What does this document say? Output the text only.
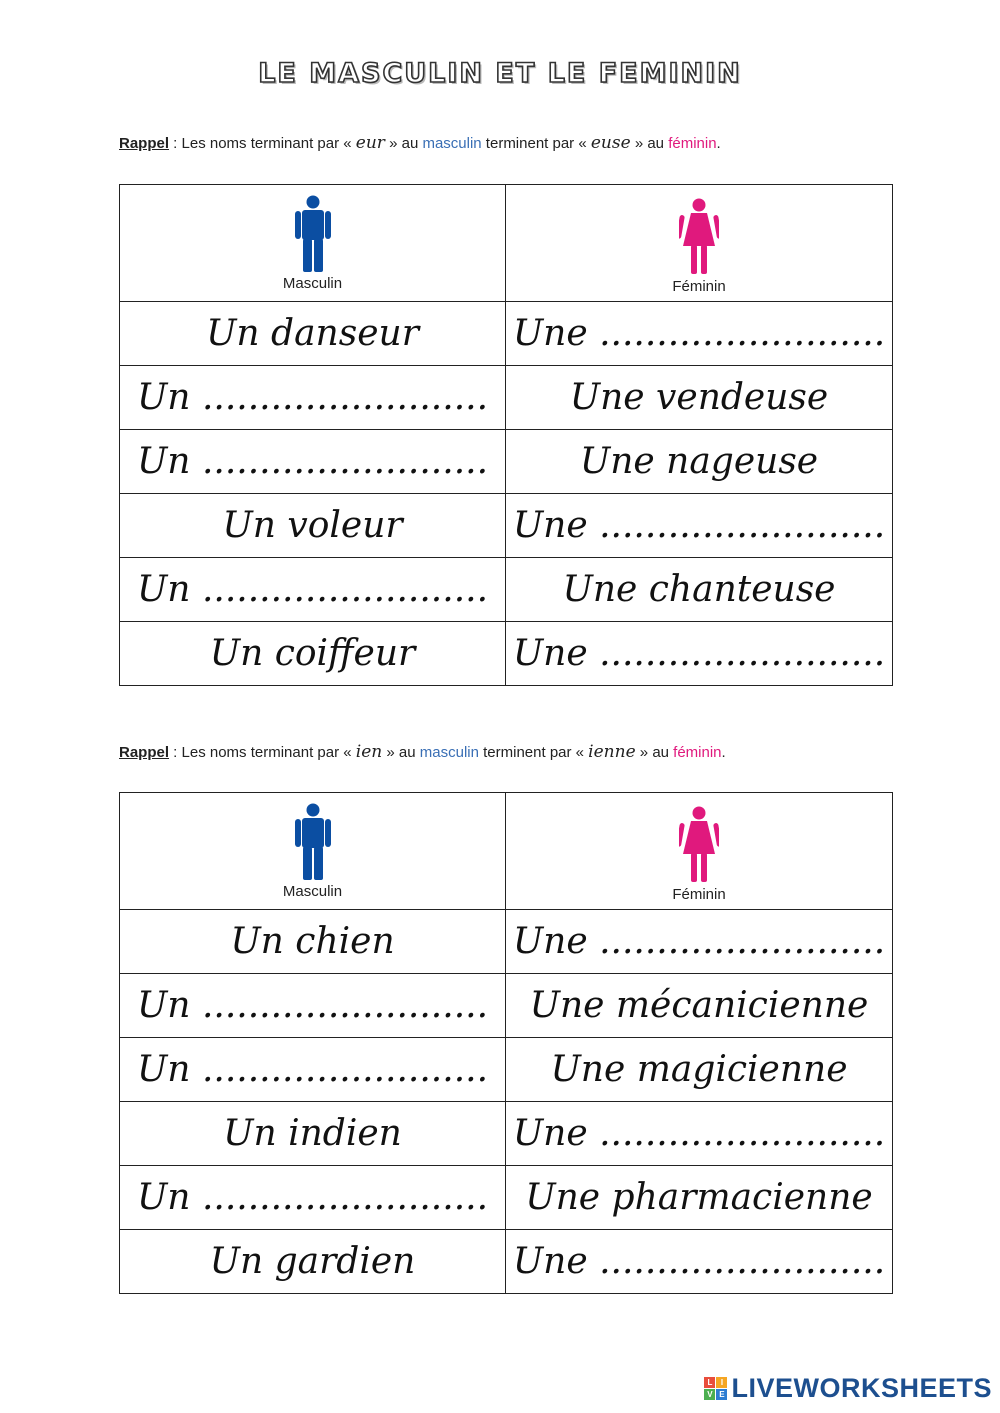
LE MASCULIN ET LE FEMININ
Rappel : Les noms terminant par « eur » au masculin terminent par « euse » au féminin.
Masculin	Féminin

Un danseur	Une .........................
Un .........................	Une vendeuse
Un .........................	Une nageuse
Un voleur	Une .........................
Un .........................	Une chanteuse
Un coiffeur	Une .........................
Rappel : Les noms terminant par « ien » au masculin terminent par « ienne » au féminin.
Masculin	Féminin

Un chien	Une .........................
Un .........................	Une mécanicienne
Un .........................	Une magicienne
Un indien	Une .........................
Un .........................	Une pharmacienne
Un gardien	Une .........................
L	I
V E LIVEWORKSHEETS
